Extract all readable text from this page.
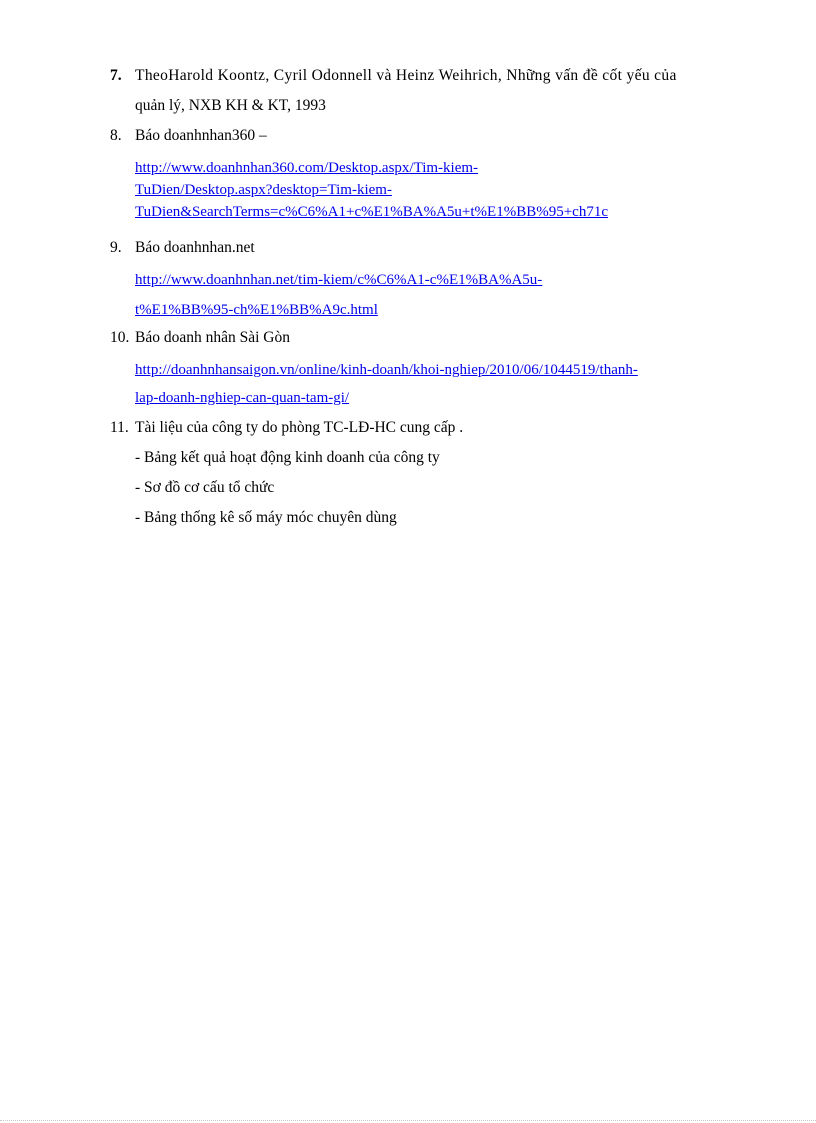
7. TheoHarold Koontz, Cyril Odonnell và Heinz Weihrich, Những vấn đề cốt yếu của
quản lý, NXB KH & KT, 1993
8. Báo doanhnhan360 –
http://www.doanhnhan360.com/Desktop.aspx/Tim-kiem-
TuDien/Desktop.aspx?desktop=Tim-kiem-
TuDien&SearchTerms=c%C6%A1+c%E1%BA%A5u+t%E1%BB%95+ch71c
9. Báo doanhnhan.net
http://www.doanhnhan.net/tim-kiem/c%C6%A1-c%E1%BA%A5u-
t%E1%BB%95-ch%E1%BB%A9c.html
10. Báo doanh nhân Sài Gòn
http://doanhnhansaigon.vn/online/kinh-doanh/khoi-nghiep/2010/06/1044519/thanh-
lap-doanh-nghiep-can-quan-tam-gi/
11. Tài liệu của công ty do phòng TC-LĐ-HC cung cấp .
- Bảng kết quả hoạt động kinh doanh của công ty
- Sơ đồ cơ cấu tổ chức
- Bảng thống kê số máy móc chuyên dùng
